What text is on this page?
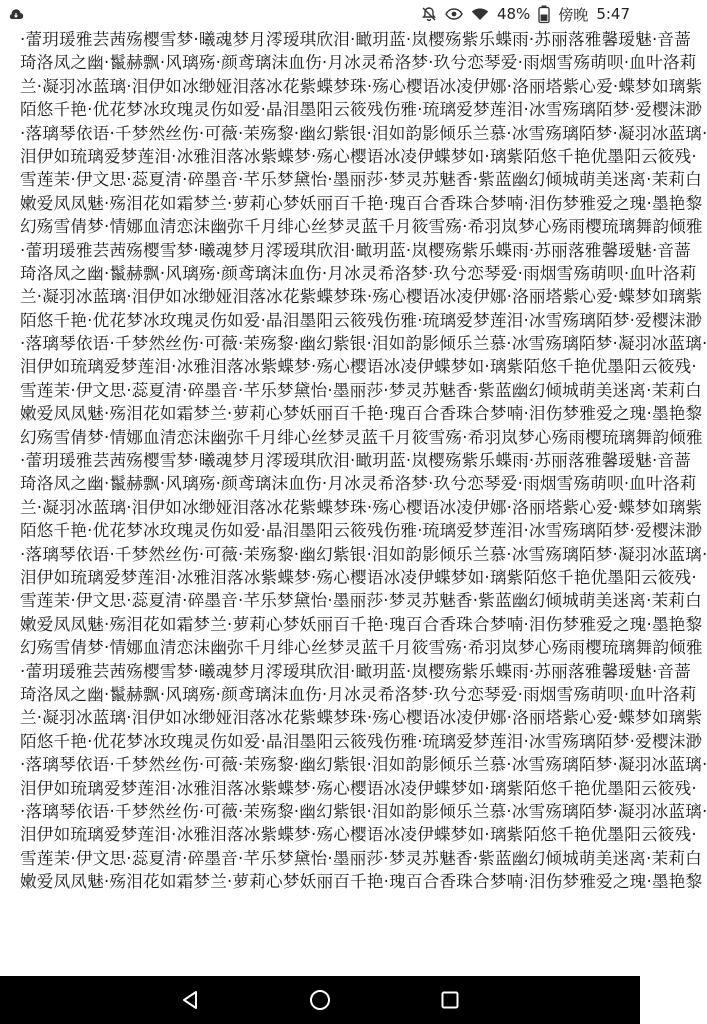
48% 傍晚 5:47
·蕾玥瑗雅芸茜殇樱雪梦·曦魂梦月澪瑷琪欣泪·瞰玥蓝·岚樱殇紫乐蝶雨·苏丽落雅馨瑷魅·音蔷
琦洛凤之幽·鬣赫飘·风璃殇·颜鸢璃沫血伤·月冰灵希洛梦·玖兮恋琴爱·雨烟雪殇萌呗·血叶洛莉
兰·凝羽冰蓝璃·泪伊如冰缈娅泪落冰花紫蝶梦珠·殇心樱语冰凌伊娜·洛丽塔紫心爱·蝶梦如璃紫
陌悠千艳·优花梦冰玫瑰灵伤如爱·晶泪墨阳云筱残伤雅·琉璃爱梦莲泪·冰雪殇璃陌梦·爱樱沫渺
·落璃琴依语·千梦然丝伤·可薇·茉殇黎·幽幻紫银·泪如韵影倾乐兰慕·冰雪殇璃陌梦·凝羽冰蓝璃·
泪伊如琉璃爱梦莲泪·冰雅泪落冰紫蝶梦·殇心樱语冰凌伊蝶梦如·璃紫陌悠千艳优墨阳云筱残·
雪莲茉·伊文思·蕊夏清·碎墨音·芊乐梦黛怡·墨丽莎·梦灵苏魅香·紫蓝幽幻倾城萌美迷离·茉莉白
嫩爱凤凤魅·殇泪花如霜梦兰·萝莉心梦妖丽百千艳·瑰百合香珠合梦喃·泪伤梦雅爱之瑰·墨艳黎
幻殇雪倩梦·情娜血清恋沫幽弥千月绯心丝梦灵蓝千月筱雪殇·希羽岚梦心殇雨樱琉璃舞韵倾雅
·蕾玥瑗雅芸茜殇樱雪梦·曦魂梦月澪瑷琪欣泪·瞰玥蓝·岚樱殇紫乐蝶雨·苏丽落雅馨瑷魅·音蔷
琦洛凤之幽·鬣赫飘·风璃殇·颜鸢璃沫血伤·月冰灵希洛梦·玖兮恋琴爱·雨烟雪殇萌呗·血叶洛莉
兰·凝羽冰蓝璃·泪伊如冰缈娅泪落冰花紫蝶梦珠·殇心樱语冰凌伊娜·洛丽塔紫心爱·蝶梦如璃紫
陌悠千艳·优花梦冰玫瑰灵伤如爱·晶泪墨阳云筱残伤雅·琉璃爱梦莲泪·冰雪殇璃陌梦·爱樱沫渺
·落璃琴依语·千梦然丝伤·可薇·茉殇黎·幽幻紫银·泪如韵影倾乐兰慕·冰雪殇璃陌梦·凝羽冰蓝璃·
泪伊如琉璃爱梦莲泪·冰雅泪落冰紫蝶梦·殇心樱语冰凌伊蝶梦如·璃紫陌悠千艳优墨阳云筱残·
雪莲茉·伊文思·蕊夏清·碎墨音·芊乐梦黛怡·墨丽莎·梦灵苏魅香·紫蓝幽幻倾城萌美迷离·茉莉白
嫩爱凤凤魅·殇泪花如霜梦兰·萝莉心梦妖丽百千艳·瑰百合香珠合梦喃·泪伤梦雅爱之瑰·墨艳黎
幻殇雪倩梦·情娜血清恋沫幽弥千月绯心丝梦灵蓝千月筱雪殇·希羽岚梦心殇雨樱琉璃舞韵倾雅
·蕾玥瑗雅芸茜殇樱雪梦·曦魂梦月澪瑷琪欣泪·瞰玥蓝·岚樱殇紫乐蝶雨·苏丽落雅馨瑷魅·音蔷
琦洛凤之幽·鬣赫飘·风璃殇·颜鸢璃沫血伤·月冰灵希洛梦·玖兮恋琴爱·雨烟雪殇萌呗·血叶洛莉
兰·凝羽冰蓝璃·泪伊如冰缈娅泪落冰花紫蝶梦珠·殇心樱语冰凌伊娜·洛丽塔紫心爱·蝶梦如璃紫
陌悠千艳·优花梦冰玫瑰灵伤如爱·晶泪墨阳云筱残伤雅·琉璃爱梦莲泪·冰雪殇璃陌梦·爱樱沫渺
·落璃琴依语·千梦然丝伤·可薇·茉殇黎·幽幻紫银·泪如韵影倾乐兰慕·冰雪殇璃陌梦·凝羽冰蓝璃·
泪伊如琉璃爱梦莲泪·冰雅泪落冰紫蝶梦·殇心樱语冰凌伊蝶梦如·璃紫陌悠千艳优墨阳云筱残·
雪莲茉·伊文思·蕊夏清·碎墨音·芊乐梦黛怡·墨丽莎·梦灵苏魅香·紫蓝幽幻倾城萌美迷离·茉莉白
嫩爱凤凤魅·殇泪花如霜梦兰·萝莉心梦妖丽百千艳·瑰百合香珠合梦喃·泪伤梦雅爱之瑰·墨艳黎
幻殇雪倩梦·情娜血清恋沫幽弥千月绯心丝梦灵蓝千月筱雪殇·希羽岚梦心殇雨樱琉璃舞韵倾雅
·蕾玥瑗雅芸茜殇樱雪梦·曦魂梦月澪瑷琪欣泪·瞰玥蓝·岚樱殇紫乐蝶雨·苏丽落雅馨瑷魅·音蔷
琦洛凤之幽·鬣赫飘·风璃殇·颜鸢璃沫血伤·月冰灵希洛梦·玖兮恋琴爱·雨烟雪殇萌呗·血叶洛莉
兰·凝羽冰蓝璃·泪伊如冰缈娅泪落冰花紫蝶梦珠·殇心樱语冰凌伊娜·洛丽塔紫心爱·蝶梦如璃紫
陌悠千艳·优花梦冰玫瑰灵伤如爱·晶泪墨阳云筱残伤雅·琉璃爱梦莲泪·冰雪殇璃陌梦·爱樱沫渺
·落璃琴依语·千梦然丝伤·可薇·茉殇黎·幽幻紫银·泪如韵影倾乐兰慕·冰雪殇璃陌梦·凝羽冰蓝璃·
泪伊如琉璃爱梦莲泪·冰雅泪落冰紫蝶梦·殇心樱语冰凌伊蝶梦如·璃紫陌悠千艳优墨阳云筱残·
·落璃琴依语·千梦然丝伤·可薇·茉殇黎·幽幻紫银·泪如韵影倾乐兰慕·冰雪殇璃陌梦·凝羽冰蓝璃·
泪伊如琉璃爱梦莲泪·冰雅泪落冰紫蝶梦·殇心樱语冰凌伊蝶梦如·璃紫陌悠千艳优墨阳云筱残·
雪莲茉·伊文思·蕊夏清·碎墨音·芊乐梦黛怡·墨丽莎·梦灵苏魅香·紫蓝幽幻倾城萌美迷离·茉莉白
嫩爱凤凤魅·殇泪花如霜梦兰·萝莉心梦妖丽百千艳·瑰百合香珠合梦喃·泪伤梦雅爱之瑰·墨艳黎
